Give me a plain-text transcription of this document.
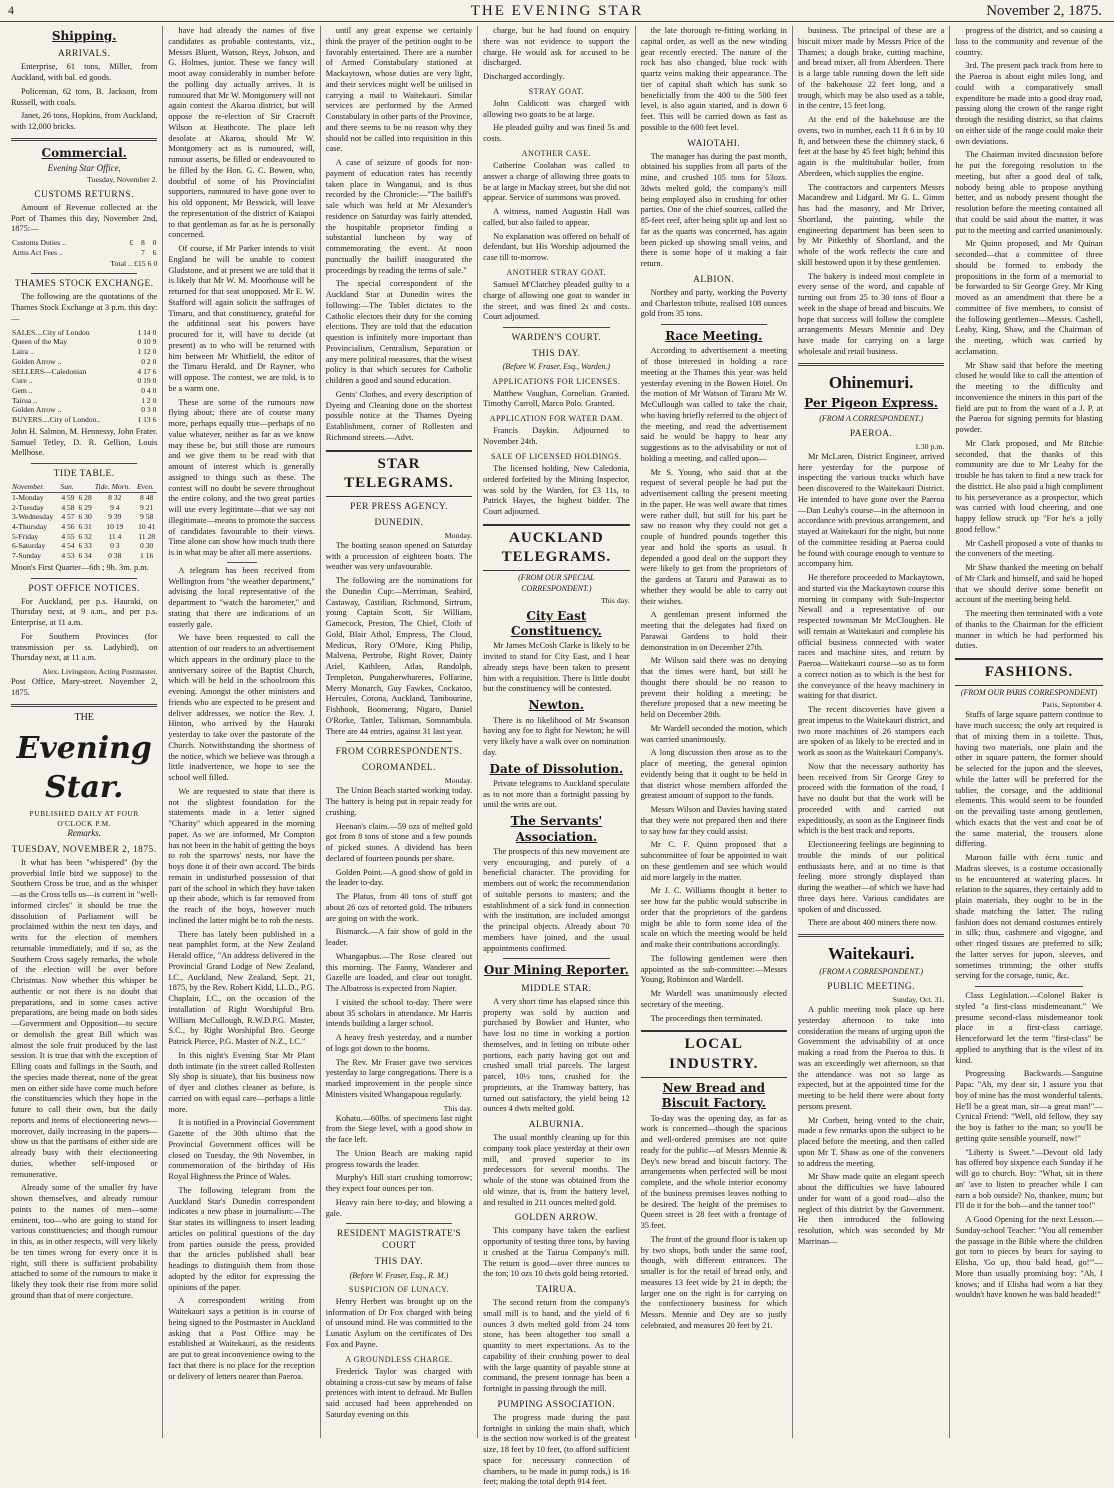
4	THE EVENING STAR	November 2, 1875.
Shipping.
ARRIVALS.

Enterprise, 61 tons, Miller, from Auckland, with bal. ed goods.

Policeman, 62 tons, B. Jackson, from Russell, with coals.

Janet, 26 tons, Hopkins, from Auckland, with 12,000 bricks.

Commercial.
Evening Star Office,
Tuesday, November 2.
CUSTOMS RETURNS.

Amount of Revenue collected at the Port of Thames this day, November 2nd, 1875:—

Customs Duties ..	£	8	0
Arms Act Fees ..		7	6
Total .. £15 6 0
THAMES STOCK EXCHANGE.

The following are the quotations of the Thames Stock Exchange at 3 p.m. this day:—

SALES....City of London	1 14 0
Queen of the May	0 10 9
Laira ..	1 12 0
Golden Arrow ..	0 2 0
SELLERS—Caledonian	4 17 6
Cure ..	0 19 0
Gem ..	0 4 0
Tairua ..	1 2 0
Golden Arrow ..	0 3 0
BUYERS....City of London..	1 13 6

John H. Salmon, M. Hennessy, John Frater. Samuel Tetley, D. R. Gellion, Louis Mellbose.

TIDE TABLE.
November.	Sun.		Tide. Morn.	Even.
1-Monday	4 59	6 28	8 32	8 48
2-Tuesday	4 58	6 29	9 4	9 21
3-Wednesday	4 57	6 30	9 39	9 58
4-Thursday	4 56	6 31	10 19	10 41
5-Friday	4 55	6 32	11 4	11 28
6-Saturday	4 54	6 33	0 3	0 30
7-Sunday	4 53	6 34	0 38	1 16

Moon's First Quarter—6th ; 9h. 3m. p.m.

POST OFFICE NOTICES.

For Auckland, per p.s. Hauraki, on Thursday next, at 9 a.m., and per p.s. Enterprise, at 11 a.m.

For Southern Provinces (for transmission per ss. Ladybird), on Thursday next, at 11 a.m.

Alex. Livingston, Acting Postmaster.

Post Office, Mary-street. November 2, 1875.

THE
Evening Star.
PUBLISHED DAILY AT FOUR O'CLOCK P.M.
Remarks.
TUESDAY, NOVEMBER 2, 1875.

It what has been "whispered" (by the proverbial little bird we suppose) to the Southern Cross be true, and as the whisper—as the Cross tells us—is current in "well-informed circles" it should be true the dissolution of Parliament will be proclaimed within the next ten days, and writs for the election of members returnable immediately, and if so, as the Southern Cross sagely remarks, the whole of the election will be over before Christmas. Now whether this whisper be authentic or not there is no doubt that preparations, and in some cases active preparations, are being made on both sides—Government and Opposition—to secure or demolish the great Bill which was almost the sole fruit produced by the last session. It is true that with the exception of Elling coats and fallings in the South, and the species made thereat, none of the great men on either side have come much before the constituencies which they hope in the future to call their own, but the daily reports and items of electioneering news—moreover, daily increasing in the papers—show us that the partisans of either side are already busy with their electioneering duties, whether self-imposed or remunerative.

Already some of the smaller fry have shown themselves, and already rumour points to the names of men—some eminent, too—who are going to stand for various constituencies; and though rumour in this, as in other respects, will very likely be ten times wrong for every once it is right, still there is sufficient probability attached to some of the rumours to make it likely they took their rise from more solid ground than that of mere conjecture.

have had already the names of five candidates as probable contestants, viz., Messrs Bluett, Watson, Reys, Jobson, and G. Holmes, junior. These we fancy will moot away considerably in number before the polling day actually arrives. It is rumoured that Mr W. Montgomery will not again contest the Akaroa district, but will oppose the re-election of Sir Cracroft Wilson at Heathcote. The place left desolate at Akaroa, should Mr W. Montgomery act as is rumoured, will, rumour asserts, be filled or endeavoured to be filled by the Hon. G. C. Bowen, who, doubtful of some of his Provincialist supporters, rumoured to have gone over to his old opponent, Mr Beswick, will leave the representation of the district of Kaiapoi to that gentleman as far as he is personally concerned.

Of course, if Mr Parker intends to visit England he will be unable to contest Gladstone, and at present we are told that it is likely that Mr W. M. Moorhouse will be returned for that seat unopposed. Mr E. W. Stafford will again solicit the suffrages of Timaru, and that constituency, grateful for the additional seat his powers have procured for it, will have to decide (at present) as to who will be returned with him between Mr Whitfield, the editor of the Timaru Herald, and Dr Rayner, who will oppose. The contest, we are told, is to be a warm one.

These are some of the rumours now flying about; there are of course many more, perhaps equally true—perhaps of no value whatever, neither as far as we know may these be, but still those are rumours and we give them to be read with that amount of interest which is generally assigned to things such as these. The contest will no doubt be severe throughout the entire colony, and the two great parties will use every legitimate—that we say not illegitimate—means to promote the success of candidates favourable to their views. Time alone can show how much truth there is in what may be after all mere assertions.

A telegram has been received from Wellington from "the weather department," advising the local representative of the department to "watch the barometer," and stating that there are indications of an easterly gale.

We have been requested to call the attention of our readers to an advertisement which appears in the ordinary place to the anniversary soiree of the Baptist Church, which will be held in the schoolroom this evening. Amongst the other ministers and friends who are expected to be present and deliver addresses, we notice the Rev. J. Hinton, who arrived by the Hauraki yesterday to take over the pastorate of the Church. Notwithstanding the shortness of the notice, which we believe was through a little inadvertence, we hope to see the school well filled.

We are requested to state that there is not the slightest foundation for the statements made in a letter signed "Charity" which appeared in the morning paper. As we are informed, Mr Compton has not been in the habit of getting the boys to rob the sparrows' nests, nor have the boys done it of their own accord. The birds remain in undisturbed possession of that part of the school in which they have taken up their abode, which is far removed from the reach of the boys, however much inclined the latter might be to rob the nests.

There has lately been published in a neat pamphlet form, at the New Zealand Herald office, "An address delivered in the Provincial Grand Lodge of New Zealand, I.C., Auckland, New Zealand, Sept. 21, 1875, by the Rev. Robert Kidd, LL.D., P.G. Chaplain, I.C., on the occasion of the installation of Right Worshipful Bro. William McCullough, R.W.D.P.G. Master, S.C., by Right Worshipful Bro. George Patrick Pierce, P.G. Master of N.Z., I.C."

In this night's Evening Star Mr Plant doth intimate (in the street called Rollesten Sly shop is situate), that his business now of dyer and clothes cleaner as before, is carried on with equal care—perhaps a little more.

It is notified in a Provincial Government Gazette of the 30th ultimo that the Provincial Government offices will be closed on Tuesday, the 9th November, in commemoration of the birthday of His Royal Highness the Prince of Wales.

The following telegram from the Auckland Star's Dunedin correspondent indicates a new phase in journalism:—The Star states its willingness to insert leading articles on political questions of the day from parties outside the press, provided that the articles published shall bear headings to distinguish them from those adopted by the editor for expressing the opinions of the paper.

A correspondent writing from Waitekauri says a petition is in course of being signed to the Postmaster in Auckland asking that a Post Office may be established at Waitekauri, as the residents are put to great inconvenience owing to the fact that there is no place for the reception or delivery of letters nearer than Paeroa.

until any great expense we certainly think the prayer of the petition ought to be favorably entertained. There are a number of Armed Constabulary stationed at Mackaytown, whose duties are very light, and their services might well be utilised in carrying a mail to Waitekauri. Similar services are performed by the Armed Constabulary in other parts of the Province, and there seems to be no reason why they should not be called into requisition in this case.

A case of seizure of goods for non-payment of education rates has recently taken place in Wanganui, and is thus recorded by the Chronicle:—"The bailiff's sale which was held at Mr Alexander's residence on Saturday was fairly attended, the hospitable proprietor finding a substantial luncheon by way of commemorating the event. At noon punctually the bailiff inaugurated the proceedings by reading the terms of sale."

The special correspondent of the Auckland Star at Dunedin wires the following:—The Tablet dictates to the Catholic electors their duty for the coming elections. They are told that the education question is infinitely more important than Provincialism, Centralism, Separation or any mere political measures, that the wisest policy is that which secures for Catholic children a good and sound education.

Gents' Clothes, and every description of Dyeing and Cleaning done on the shortest possible notice at the Thames Dyeing Establishment, corner of Rollesten and Richmond streets.—Advt.

STAR TELEGRAMS.
PER PRESS AGENCY.
DUNEDIN.
Monday.

The boating season opened on Saturday with a procession of eighteen boats. The weather was very unfavourable.

The following are the nominations for the Dunedin Cup:—Merriman, Seabird, Castaway, Castilian, Richmond, Sirtrum, young Captain Scott, Sir William, Gamecock, Preston, The Chief, Cloth of Gold, Blair Athol, Empress, The Cloud, Medicus, Rory O'More, King Philip, Malvena, Pertrobe, Right Rover, Dainty Ariel, Kathleen, Atlas, Randolph, Templeton, Pungaherwhareres, Folfarine, Merry Monarch, Guy Fawkes, Cockatoo, Hercules, Corona, Auckland, Tambourine, Fishhook, Boomerang, Nigaro, Daniel O'Rorke, Tattler, Talisman, Somnambula. There are 44 entries, against 31 last year.

FROM CORRESPONDENTS.
COROMANDEL.
Monday.

The Union Beach started working today. The battery is being put in repair ready for crushing.

Heenan's claim.—59 ozs of melted gold got from 8 tons of stone and a few pounds of picked stones. A dividend has been declared of fourteen pounds per share.

Golden Point.—A good show of gold in the leader to-day.

The Platus, from 40 tons of stuff got about 26 ozs of retorted gold. The tributers are going on with the work.

Bismarck.—A fair show of gold in the leader.

Whangapbus.—The Rose cleared out this morning. The Fanny, Wanderer and Gazelle are loaded, and clear out tonight. The Albatross is expected from Napier.

I visited the school to-day. There were about 35 scholars in attendance. Mr Harris intends building a larger school.

A heavy fresh yesterday, and a number of logs got down to the booms.

The Rev. Mr Fraser gave two services yesterday to large congregations. There is a marked improvement in the people since Ministers visited Whangapoua regularly.

This day.

Kohatu.—60lbs. of specimens last night from the Siege level, with a good show in the face left.

The Union Beach are making rapid progress towards the leader.

Murphy's Hill start crushing tomorrow; they expect four ounces per ton.

Heavy rain here to-day, and blowing a gale.

RESIDENT MAGISTRATE'S COURT
THIS DAY.
(Before W. Fraser, Esq., R. M.)
SUSPICION OF LUNACY.

Henry Herbert was brought up on the information of Dr Fox charged with being of unsound mind. He was committed to the Lunatic Asylum on the certificates of Drs Fox and Payne.

A GROUNDLESS CHARGE.

Frederick Taylor was charged with obtaining a cross-cut saw by means of false pretences with intent to defraud. Mr Bullen said accused had been apprehended on Saturday evening on this

charge, but he had found on enquiry there was not evidence to support the charge. He would ask for accused to be discharged.

Discharged accordingly.

STRAY GOAT.

John Caldicott was charged with allowing two goats to be at large.

He pleaded guilty and was fined 5s and costs.

ANOTHER CASE.

Catherine Coolahan was called to answer a charge of allowing three goats to be at large in Mackay street, but she did not appear. Service of summons was proved.

A witness, named Augustin Hall was called, but also failed to appear.

No explanation was offered on behalf of defendant, but His Worship adjourned the case till to-morrow.

ANOTHER STRAY GOAT.

Samuel M'Clatchey pleaded guilty to a charge of allowing one goat to wander in the street, and was fined 2s and costs. Court adjourned.

WARDEN'S COURT.
THIS DAY.
(Before W. Fraser, Esq., Warden.)
APPLICATIONS FOR LICENSES.

Matthew Vaughan, Cornelian. Granted. Timothy Carroll, Marco Polo. Granted.

APPLICATION FOR WATER DAM.

Francis Daykin. Adjourned to November 24th.

SALE OF LICENSED HOLDINGS.

The licensed holding, New Caledonia, ordered forfeited by the Mining Inspector, was sold by the Warden, for £3 11s, to Patrick Hayes, the highest bidder. The Court adjourned.

AUCKLAND TELEGRAMS.
(FROM OUR SPECIAL CORRESPONDENT.)
This day.
City East Constituency.

Mr James McCosh Clarke is likely to be invited to stand for City East, and I hear already steps have been taken to present him with a requisition. There is little doubt but the constituency will be contested.

Newton.

There is no likelihood of Mr Swanson having any foe to fight for Newton; he will very likely have a walk over on nomination day.

Date of Dissolution.

Private telegrams to Auckland speculate as to not more than a fortnight passing by until the writs are out.

The Servants' Association.

The prospects of this new movement are very encouraging, and purely of a beneficial character. The providing for members out of work; the recommendation of suitable persons to masters; and the establishment of a sick fund in connection with the institution, are included amongst the principal objects. Already about 70 members have joined, and the usual appointments confirmed.

Our Mining Reporter.
MIDDLE STAR.

A very short time has elapsed since this property was sold by auction and purchased by Bowker and Hunter, who have lost no time in working a portion themselves, and in letting on tribute other portions, each party having got out and crushed small trial parcels. The largest parcel, 10½ tons, crushed for the proprietors, at the Tramway battery, has turned out satisfactory, the yield being 12 ounces 4 dwts melted gold.

ALBURNIA.

The usual monthly cleaning up for this company took place yesterday at their own mill, and proved superior to its predecessors for several months. The whole of the stone was obtained from the old winze, that is, from the battery level, and resulted in 211 ounces melted gold.

GOLDEN ARROW.

This company have taken the earliest opportunity of testing three tons, by having it crushed at the Tairua Company's mill. The return is good—over three ounces to the ton; 10 ozs 10 dwts gold being retorted.

TAIRUA.

The second return from the company's small mill is to hand, and the yield of 6 ounces 3 dwts melted gold from 24 tons stone, has been altogether too small a quantity to meet expectations. As to the capability of their crushing power to deal with the large quantity of payable stone at command, the present tonnage has been a fortnight in passing through the mill.

PUMPING ASSOCIATION.

The progress made during the past fortnight in sinking the main shaft, which is the section now worked is of the greatest size, 18 feet by 10 feet, (to afford sufficient space for necessary connection of chambers, to be made in pump rods,) is 16 feet; making the total depth 914 feet.

the late thorough re-fitting working in capital order, as well as the new winding gear recently erected. The nature of the rock has also changed, blue rock with quartz veins making their appearance. The tier of capital shaft which has sunk so beneficially from the 400 to the 500 feet level, is also again started, and is down 6 feet. This will be carried down as fast as possible to the 600 feet level.

WAIOTAHI.

The manager has during the past month, obtained his supplies from all parts of the mine, and crushed 105 tons for 53ozs. 3dwts melted gold, the company's mill being employed also in crushing for other parties. One of the chief sources, called the 85-feet reef, after being split up and lost so far as the quarts was concerned, has again been picked up showing small veins, and there is some hope of it making a fair return.

ALBION.

Northey and party, working the Poverty and Charleston tribute, realised 108 ounces gold from 35 tons.

Race Meeting.

According to advertisement a meeting of those interested in holding a race meeting at the Thames this year was held yesterday evening in the Bowen Hotel. On the motion of Mr Watson of Tararu Mr W. McCullough was called to take the chair, who having briefly referred to the object of the meeting, and read the advertisement said he would be happy to hear any suggestions as to the advisability or not of holding a meeting, and called upon—

Mr S. Young, who said that at the request of several people he had put the advertisement calling the present meeting in the paper. He was well aware that times were rather dull, but still for his part he saw no reason why they could not get a couple of hundred pounds together this year and hold the sports as usual. It depended a good deal on the support they were likely to get from the proprietors of the gardens at Tararu and Parawai as to whether they would be able to carry out their wishes.

A gentleman present informed the meeting that the delegates had fixed on Parawai Gardens to hold their demonstration in on December 27th.

Mr Wilson said there was no denying that the times were hard, but still he thought there should be no reason to prevent their holding a meeting; he therefore proposed that a new meeting be held on December 28th.

Mr Wardell seconded the motion, which was carried unanimously.

A long discussion then arose as to the place of meeting, the general opinion evidently being that it ought to be held in that district whose members afforded the greatest amount of support to the funds.

Messrs Wilson and Davies having stated that they were not prepared then and there to say how far they could assist.

Mr C. F. Quinn proposed that a subcommittee of four be appointed to wait on these gentlemen and see which would aid more largely in the matter.

Mr J. C. Williams thought it better to see how far the public would subscribe in order that the proprietors of the gardens might be able to form some idea of the scale on which the meeting would be held and make their contributions accordingly.

The following gentlemen were then appointed as the sub-committee:—Messrs Young, Robinson and Wardell.

Mr Wardell was unanimously elected secretary of the meeting.

The proceedings then terminated.

LOCAL INDUSTRY.
New Bread and Biscuit Factory.

To-day was the opening day, as far as work is concerned—though the spacious and well-ordered premises are not quite ready for the public—of Messrs Mennie & Dey's new bread and biscuit factory. The arrangements when perfected will be most complete, and the whole interior economy of the business premises leaves nothing to be desired. The height of the premises to Queen street is 28 feet with a frontage of 35 feet.

The front of the ground floor is taken up by two shops, both under the same roof, though, with different entrances. The smaller is for the retail of bread only, and measures 13 feet wide by 21 in depth; the larger one on the right is for carrying on the confectionery business for which Messrs. Mennie and Dey are so justly celebrated, and measures 20 feet by 21.

business. The principal of these are a biscuit mixer made by Messrs Price of the Thames; a dough brake, cutting machine, and bread mixer, all from Aberdeen. There is a large table running down the left side of the bakehouse 22 feet long, and a trough, which may be also used as a table, in the centre, 15 feet long.

At the end of the bakehouse are the ovens, two in number, each 11 ft 6 in by 10 ft, and between these the chimney stack, 6 feet at the base by 45 feet high; behind this again is the multitubular boiler, from Aberdeen, which supplies the engine.

The contractors and carpenters Messrs Macandrew and Lidgard. Mr G. L. Gimm has had the masonry, and Mr Driver, Shortland, the painting, while the engineering department has been seen to by Mr Pitkethly of Shortland, and the whole of the work reflects the care and skill bestowed upon it by these gentlemen.

The bakery is indeed most complete in every sense of the word, and capable of turning out from 25 to 30 tons of flour a week in the shape of bread and biscuits. We hope that success will follow the complete arrangements Messrs Mennie and Dey have made for carrying on a large wholesale and retail business.

Ohinemuri.
Per Pigeon Express.
(FROM A CORRESPONDENT.)
PAEROA.
1.30 p.m.

Mr McLaren, District Engineer, arrived here yesterday for the purpose of inspecting the various tracks which have been discovered to the Waitekauri District. He intended to have gone over the Paeroa—Dan Leahy's course—in the afternoon in accordance with previous arrangement, and stayed at Waitekauri for the night, but none of the committee residing at Paeroa could be found with courage enough to venture to accompany him.

He therefore proceeded to Mackaytown, and started via the Mackaytown course this morning in company with Sub-Inspector Newall and a representative of our respected townsman Mr McCloughen. He will remain at Waitekauri and complete his official business connected with water races and machine sites, and return by Paeroa—Waitekauri course—so as to form a correct notion as to which is the best for the conveyance of the heavy machinery in waiting for that district.

The recent discoveries have given a great impetus to the Waitekauri district, and two more machines of 26 stampers each are spoken of as likely to be erected and in work as soon as the Waitekauri Company's.

Now that the necessary authority has been received from Sir George Grey to proceed with the formation of the road, I have no doubt but that the work will be proceeded with and carried out expeditiously, as soon as the Engineer finds which is the best track and reports.

Electioneering feelings are beginning to trouble the minds of our political enthusiasts here, and at no time is that feeling more strongly displayed than during the weather—of which we have had three days here. Various candidates are spoken of and discussed.

There are about 400 miners there now.

Waitekauri.
(FROM A CORRESPONDENT.)
PUBLIC MEETING.
Sunday, Oct. 31.

A public meeting took place up here yesterday afternoon to take into consideration the means of urging upon the Government the advisability of at once making a road from the Paeroa to this. It was an exceedingly wet afternoon, so that the attendance was not so large as expected, but at the appointed time for the meeting to be held there were about forty persons present.

Mr Corbett, being voted to the chair, made a few remarks upon the subject to be placed before the meeting, and then called upon Mr T. Shaw as one of the conveners to address the meeting.

Mr Shaw made quite an elegant speech about the difficulties we have laboured under for want of a good road—also the neglect of this district by the Government. He then introduced the following resolution, which was seconded by Mr Marrinan—

progress of the district, and so causing a loss to the community and revenue of the country.

3rd. The present pack track from here to the Paeroa is about eight miles long, and could with a comparatively small expenditure be made into a good dray road, passing along the crown of the range right through the residing district, so that claims on either side of the range could make their own deviations.

The Chairman invited discussion before he put the foregoing resolution to the meeting, but after a good deal of talk, nobody being able to propose anything better, and as nobody present thought the resolution before the meeting contained all that could be said about the matter, it was put to the meeting and carried unanimously.

Mr Quinn proposed, and Mr Quinan seconded—that a committee of three should be formed to embody the propositions in the form of a memorial to be forwarded to Sir George Grey. Mr King moved as an amendment that there be a committee of five members, to consist of the following gentlemen—Messrs. Cashell, Leahy, King, Shaw, and the Chairman of the meeting, which was carried by acclamation.

Mr Shaw said that before the meeting closed he would like to call the attention of the meeting to the difficulty and inconvenience the miners in this part of the field are put to from the want of a J. P. at the Paeroa for signing permits for blasting powder.

Mr Clark proposed, and Mr Ritchie seconded, that the thanks of this community are due to Mr Leahy for the trouble he has taken to find a new track for the district. He also paid a high compliment to his perseverance as a prospector, which was carried with loud cheering, and one happy fellow struck up "For he's a jolly good fellow."

Mr Cashell proposed a vote of thanks to the conveners of the meeting.

Mr Shaw thanked the meeting on behalf of Mr Clark and himself, and said he hoped that we should derive some benefit on account of the meeting being held.

The meeting then terminated with a vote of thanks to the Chairman for the efficient manner in which he had performed his duties.

FASHIONS.
(FROM OUR PARIS CORRESPONDENT)
Paris, September 4.

Stuffs of large square pattern continue to have much success; the only art required is that of mixing them in a toilette. Thus, having two materials, one plain and the other in square pattern, the former should be selected for the jupon and the sleeves, while the latter will be preferred for the tablier, the corsage, and the additional elements. This would seem to be founded on the prevailing taste among gentlemen, which exacts that the vest and coat be of the same material, the trousers alone differing.

Maroon faille with écru tunic and Madras sleeves, is a costume occasionally to be encountered at watering places. In relation to the squares, they certainly add to plain materials, they ought to be in the shade matching the latter. The ruling fashion does not demand costumes entirely in silk; thus, cashmere and vigogne, and other ringed tissues are preferred to silk; the latter serves for jupon, sleeves, and sometimes trimming; the other stuffs serving for the corsage, tunic, &c.

Class Legislation.—Colonel Baker is styled "a first-class misdemeanant." We presume second-class misdemeanor took place in a first-class carriage. Henceforward let the term "first-class" be applied to anything that is the vilest of its kind.

Progressing Backwards.—Sanguine Papa: "Ah, my dear sir, I assure you that boy of mine has the most wonderful talents. He'll be a great man, sir—a great man!"—Cynical Friend: "Well, old fellow, they say the boy is father to the man; so you'll be getting quite sensible yourself, now!"

"Liberty is Sweet."—Devout old lady has offered boy sixpence each Sunday if he will go to church. Boy: "What, sit in there an' 'ave to listen to preacher while I can earn a bob outside? No, thankee, mum; but I'll do it for the bob—and the tanner too!"

A Good Opening for the next Lesson.—Sunday-school Teacher: "You all remember the passage in the Bible where the children got torn to pieces by bears for saying to Elisha, 'Go up, thou bald head, go!'"—More than usually promising boy: "Ah, I knows; and if Elisha had worn a hat they wouldn't have known he was bald headed!"
